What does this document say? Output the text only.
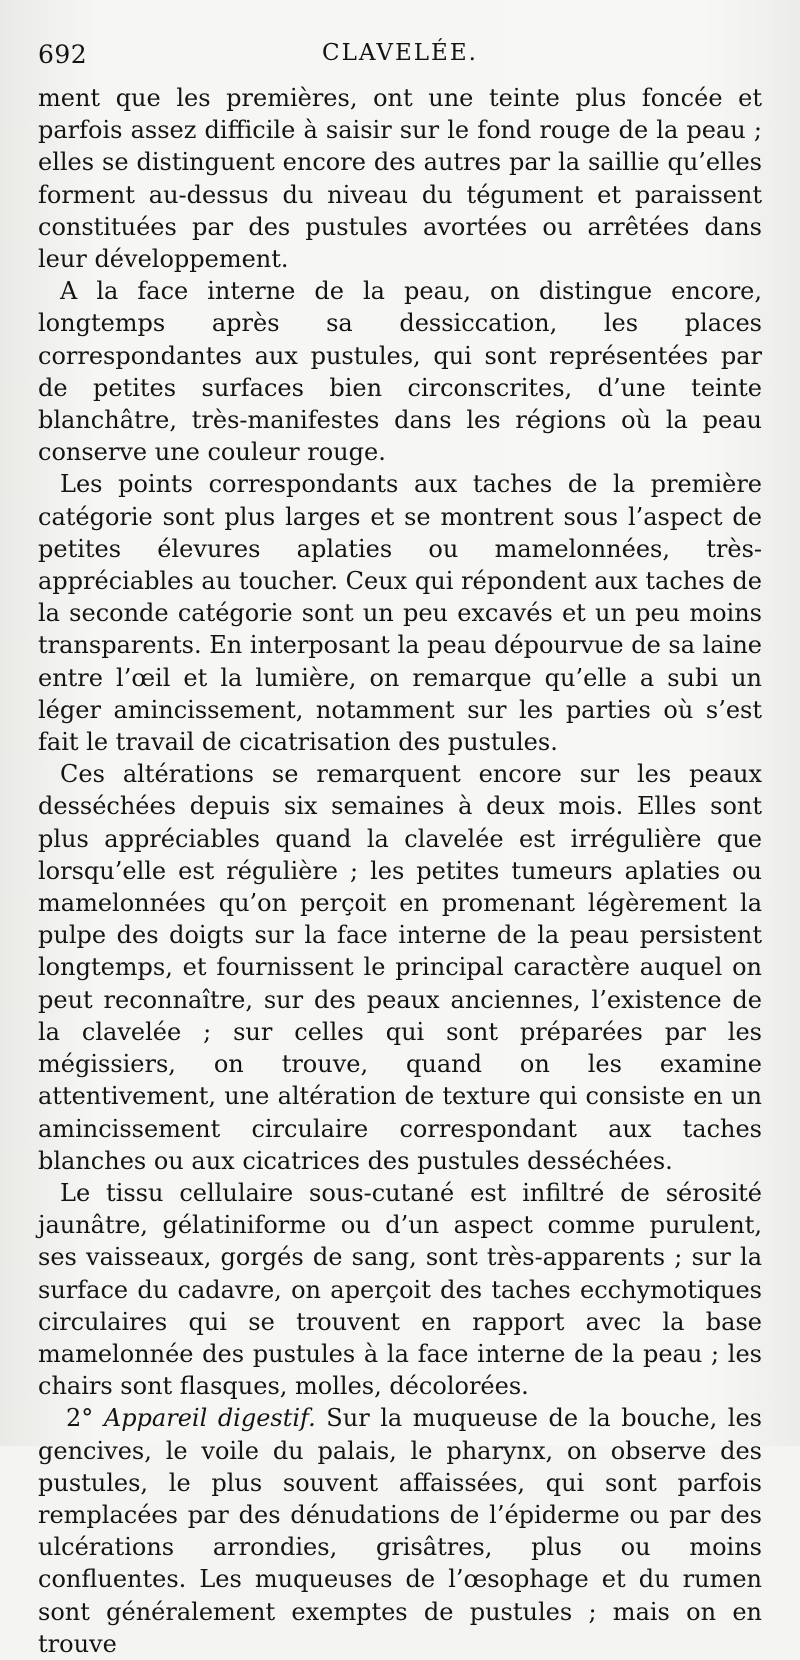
692	CLAVELÉE.

ment que les premières, ont une teinte plus foncée et parfois assez difficile à saisir sur le fond rouge de la peau ; elles se distinguent encore des autres par la saillie qu’elles forment au-dessus du niveau du tégument et paraissent constituées par des pustules avortées ou arrêtées dans leur développement.

A la face interne de la peau, on distingue encore, longtemps après sa dessiccation, les places correspondantes aux pustules, qui sont représentées par de petites surfaces bien circonscrites, d’une teinte blanchâtre, très-manifestes dans les régions où la peau conserve une couleur rouge.

Les points correspondants aux taches de la première catégorie sont plus larges et se montrent sous l’aspect de petites élevures aplaties ou mamelonnées, très-appréciables au toucher. Ceux qui répondent aux taches de la seconde catégorie sont un peu excavés et un peu moins transparents. En interposant la peau dépourvue de sa laine entre l’œil et la lumière, on remarque qu’elle a subi un léger amincissement, notamment sur les parties où s’est fait le travail de cicatrisation des pustules.

Ces altérations se remarquent encore sur les peaux desséchées depuis six semaines à deux mois. Elles sont plus appréciables quand la clavelée est irrégulière que lorsqu’elle est régulière ; les petites tumeurs aplaties ou mamelonnées qu’on perçoit en promenant légèrement la pulpe des doigts sur la face interne de la peau persistent longtemps, et fournissent le principal caractère auquel on peut reconnaître, sur des peaux anciennes, l’existence de la clavelée ; sur celles qui sont préparées par les mégissiers, on trouve, quand on les examine attentivement, une altération de texture qui consiste en un amincissement circulaire correspondant aux taches blanches ou aux cicatrices des pustules desséchées.

Le tissu cellulaire sous-cutané est infiltré de sérosité jaunâtre, gélatiniforme ou d’un aspect comme purulent, ses vaisseaux, gorgés de sang, sont très-apparents ; sur la surface du cadavre, on aperçoit des taches ecchymotiques circulaires qui se trouvent en rapport avec la base mamelonnée des pustules à la face interne de la peau ; les chairs sont flasques, molles, décolorées.

2° Appareil digestif. Sur la muqueuse de la bouche, les gencives, le voile du palais, le pharynx, on observe des pustules, le plus souvent affaissées, qui sont parfois remplacées par des dénudations de l’épiderme ou par des ulcérations arrondies, grisâtres, plus ou moins confluentes. Les muqueuses de l’œsophage et du rumen sont généralement exemptes de pustules ; mais on en trouve
